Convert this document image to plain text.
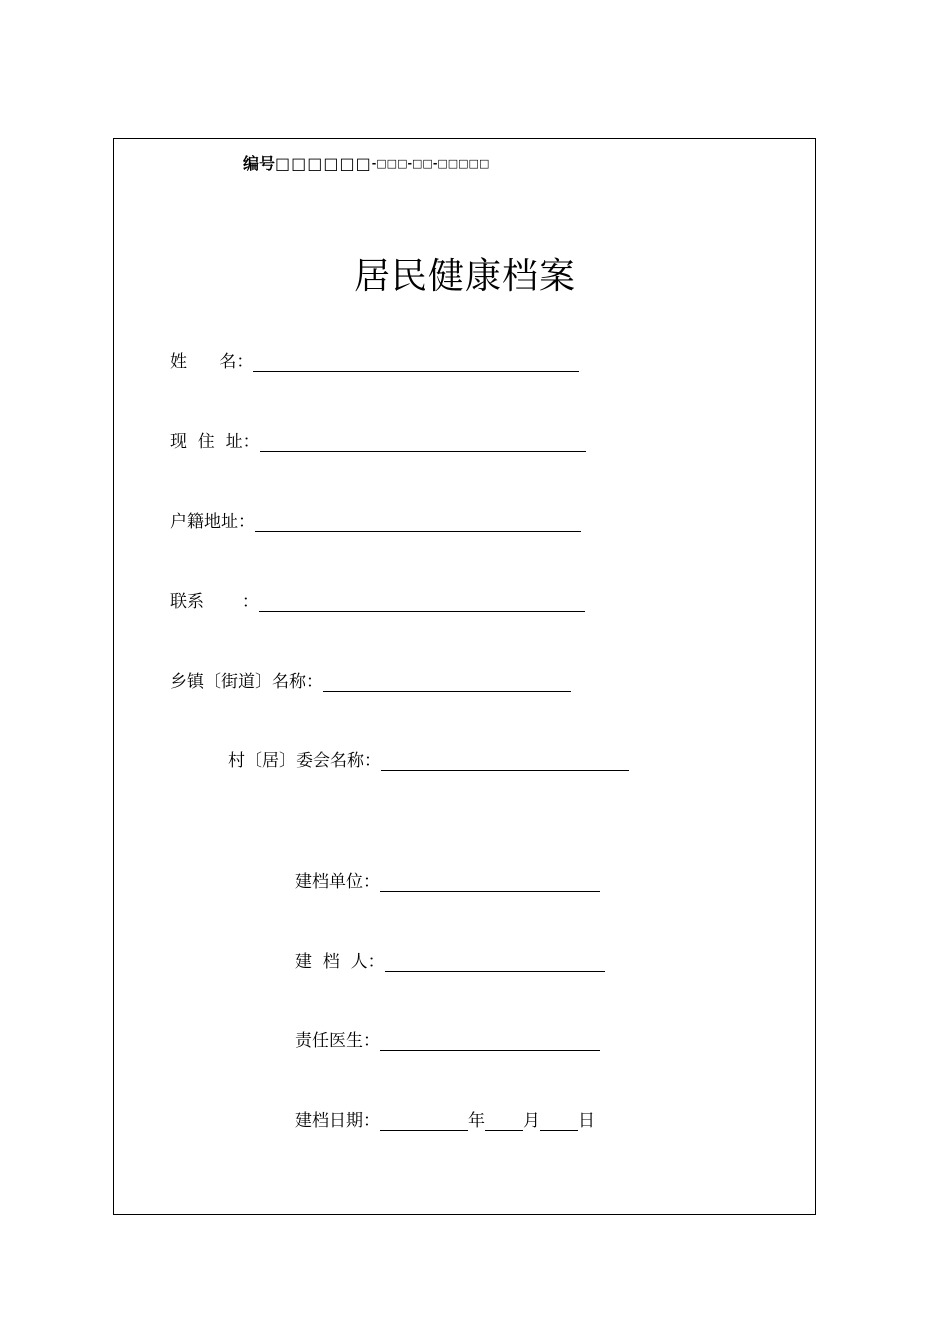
编号 □□□□□□ -□□□-□□-□□□□□
居民健康档案
姓      名：
现  住  址：
户籍地址：
联系       ：
乡镇〔街道〕名称：
村〔居〕委会名称：
建档单位：
建  档  人：
责任医生：
建档日期：	年 月 日
